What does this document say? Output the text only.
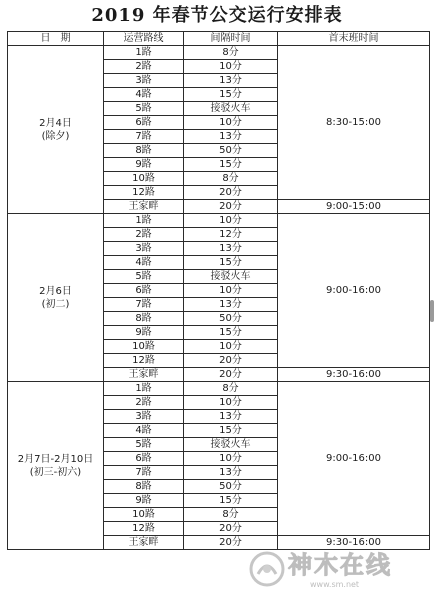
2019 年春节公交运行安排表
日　期	运营路线	间隔时间	首末班时间

2月4日
(除夕)	1路	8分	8:30-15:00
	2路	10分	
	3路	13分	
	4路	15分	
	5路	接驳火车	
	6路	10分	
	7路	13分	
	8路	50分	
	9路	15分	
	10路	8分	
	12路	20分	
	王家畔	20分	9:00-15:00

2月6日
(初二)	1路	10分	9:00-16:00
	2路	12分	
	3路	13分	
	4路	15分	
	5路	接驳火车	
	6路	10分	
	7路	13分	
	8路	50分	
	9路	15分	
	10路	10分	
	12路	20分	
	王家畔	20分	9:30-16:00

2月7日-2月10日
(初三-初六)	1路	8分	9:00-16:00
	2路	10分	
	3路	13分	
	4路	15分	
	5路	接驳火车	
	6路	10分	
	7路	13分	
	8路	50分	
	9路	15分	
	10路	8分	
	12路	20分	
	王家畔	20分	9:30-16:00
神木在线
www.sm.net
